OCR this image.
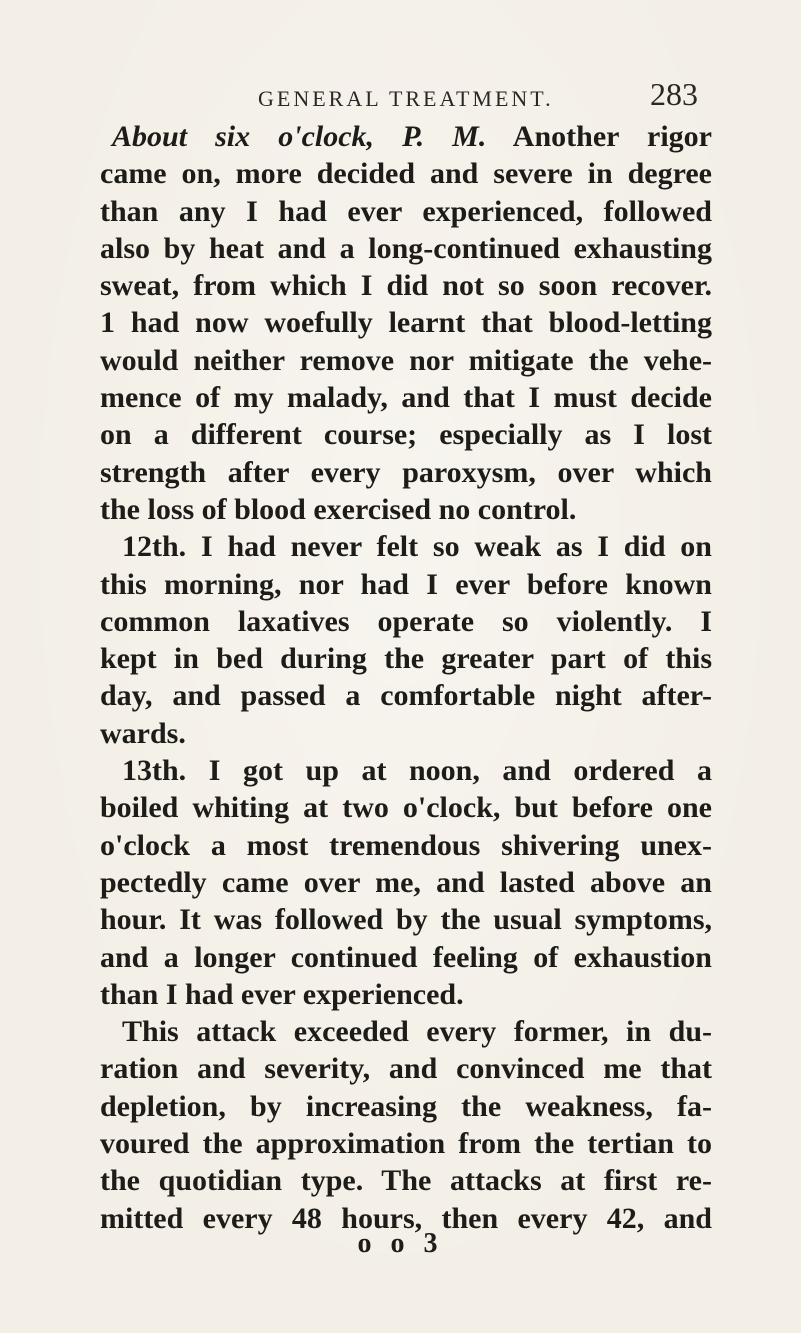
GENERAL TREATMENT.	283
About six o'clock, P. M. Another rigor
came on, more decided and severe in degree
than any I had ever experienced, followed
also by heat and a long-continued exhausting
sweat, from which I did not so soon recover.
1 had now woefully learnt that blood-letting
would neither remove nor mitigate the vehe-
mence of my malady, and that I must decide
on a different course; especially as I lost
strength after every paroxysm, over which
the loss of blood exercised no control.
12th. I had never felt so weak as I did on
this morning, nor had I ever before known
common laxatives operate so violently. I
kept in bed during the greater part of this
day, and passed a comfortable night after-
wards.
13th. I got up at noon, and ordered a
boiled whiting at two o'clock, but before one
o'clock a most tremendous shivering unex-
pectedly came over me, and lasted above an
hour. It was followed by the usual symptoms,
and a longer continued feeling of exhaustion
than I had ever experienced.
This attack exceeded every former, in du-
ration and severity, and convinced me that
depletion, by increasing the weakness, fa-
voured the approximation from the tertian to
the quotidian type. The attacks at first re-
mitted every 48 hours, then every 42, and
o o 3
